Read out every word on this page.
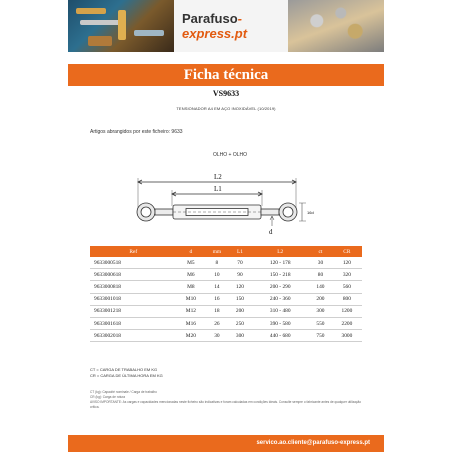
Parafuso-express.pt
Ficha técnica
VS9633
TENSIONADOR A4 EM AÇO INOXIDÁVEL (10/2019)
Artigos abrangidos por este ficheiro: 9633
OLHO + OLHO
L2
L1
d
16d
Ref	d	mm	L1	L2	ct	CR
9633000518	M5	8	70	120 - 178	30	120
9633000618	M6	10	90	150 - 218	80	320
9633000818	M8	14	120	200 - 290	140	560
9633001018	M10	16	150	240 - 360	200	800
9633001218	M12	18	200	310 - 480	300	1200
9633001618	M16	26	250	390 - 580	550	2200
9633002018	M20	30	300	440 - 680	750	3000
CT = CARGA DE TRABALHO EM KG
CR = CARGA DE ÚLTIMA HORA EM KG
CT (kg): Capacité nominale / Carga de trabalho
CR (kg): Carga de rotura
AVISO IMPORTANTE: As cargas e capacidades mencionadas neste ficheiro são indicativas e foram calculadas em condições ideais. Consulte sempre o fabricante antes de qualquer utilização crítica.
servico.ao.cliente@parafuso-express.pt
